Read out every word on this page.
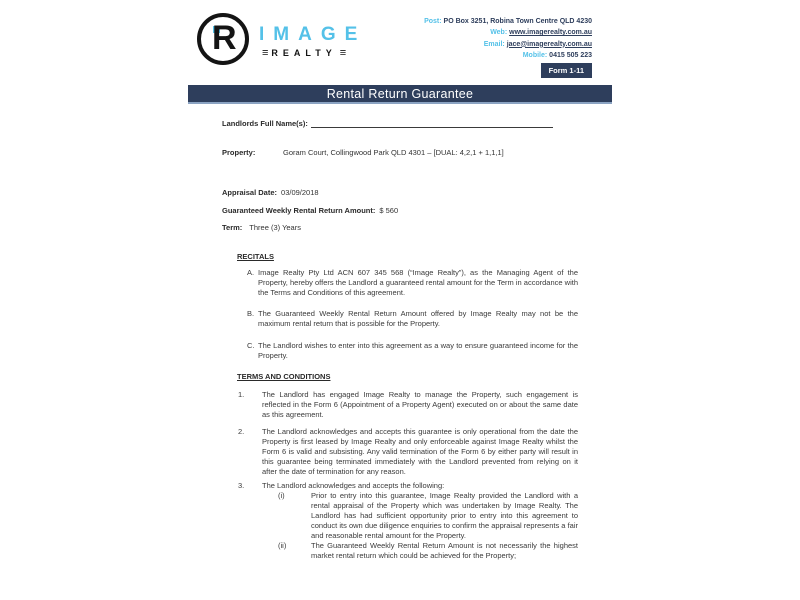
R IMAGE
≡ REALTY ≡
Post: PO Box 3251, Robina Town Centre QLD 4230
Web: www.imagerealty.com.au
Email: jace@imagerealty.com.au
Mobile: 0415 505 223
Form 1-11
Rental Return Guarantee
Landlords Full Name(s):
Property:	Goram Court, Collingwood Park QLD 4301 – [DUAL: 4,2,1 + 1,1,1]
Appraisal Date: 03/09/2018
Guaranteed Weekly Rental Return Amount: $ 560
Term: Three (3) Years
RECITALS
A. Image Realty Pty Ltd ACN 607 345 568 (“Image Realty”), as the Managing Agent of the Property, hereby offers the Landlord a guaranteed rental amount for the Term in accordance with the Terms and Conditions of this agreement.
B. The Guaranteed Weekly Rental Return Amount offered by Image Realty may not be the maximum rental return that is possible for the Property.
C. The Landlord wishes to enter into this agreement as a way to ensure guaranteed income for the Property.
TERMS AND CONDITIONS
1.	The Landlord has engaged Image Realty to manage the Property, such engagement is reflected in the Form 6 (Appointment of a Property Agent) executed on or about the same date as this agreement.
2.	The Landlord acknowledges and accepts this guarantee is only operational from the date the Property is first leased by Image Realty and only enforceable against Image Realty whilst the Form 6 is valid and subsisting. Any valid termination of the Form 6 by either party will result in this guarantee being terminated immediately with the Landlord prevented from relying on it after the date of termination for any reason.
3.	The Landlord acknowledges and accepts the following:
(i)	Prior to entry into this guarantee, Image Realty provided the Landlord with a rental appraisal of the Property which was undertaken by Image Realty. The Landlord has had sufficient opportunity prior to entry into this agreement to conduct its own due diligence enquiries to confirm the appraisal represents a fair and reasonable rental amount for the Property.
(ii)	The Guaranteed Weekly Rental Return Amount is not necessarily the highest market rental return which could be achieved for the Property;
